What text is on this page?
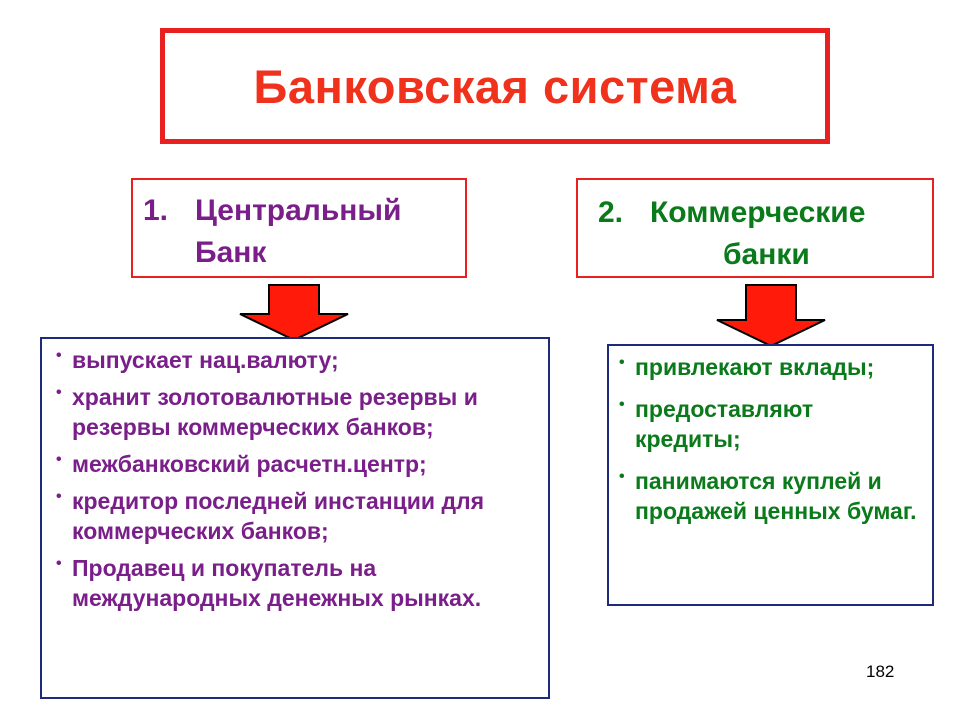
Банковская система
1. Центральный
Банк
2. Коммерческие
банки
• выпускает нац.валюту;
• хранит золотовалютные резервы и резервы коммерческих банков;
• межбанковский расчетн.центр;
• кредитор последней инстанции для коммерческих банков;
• Продавец и покупатель на международных денежных рынках.
• привлекают вклады;
• предоставляют кредиты;
• панимаются куплей и продажей ценных бумаг.
182
